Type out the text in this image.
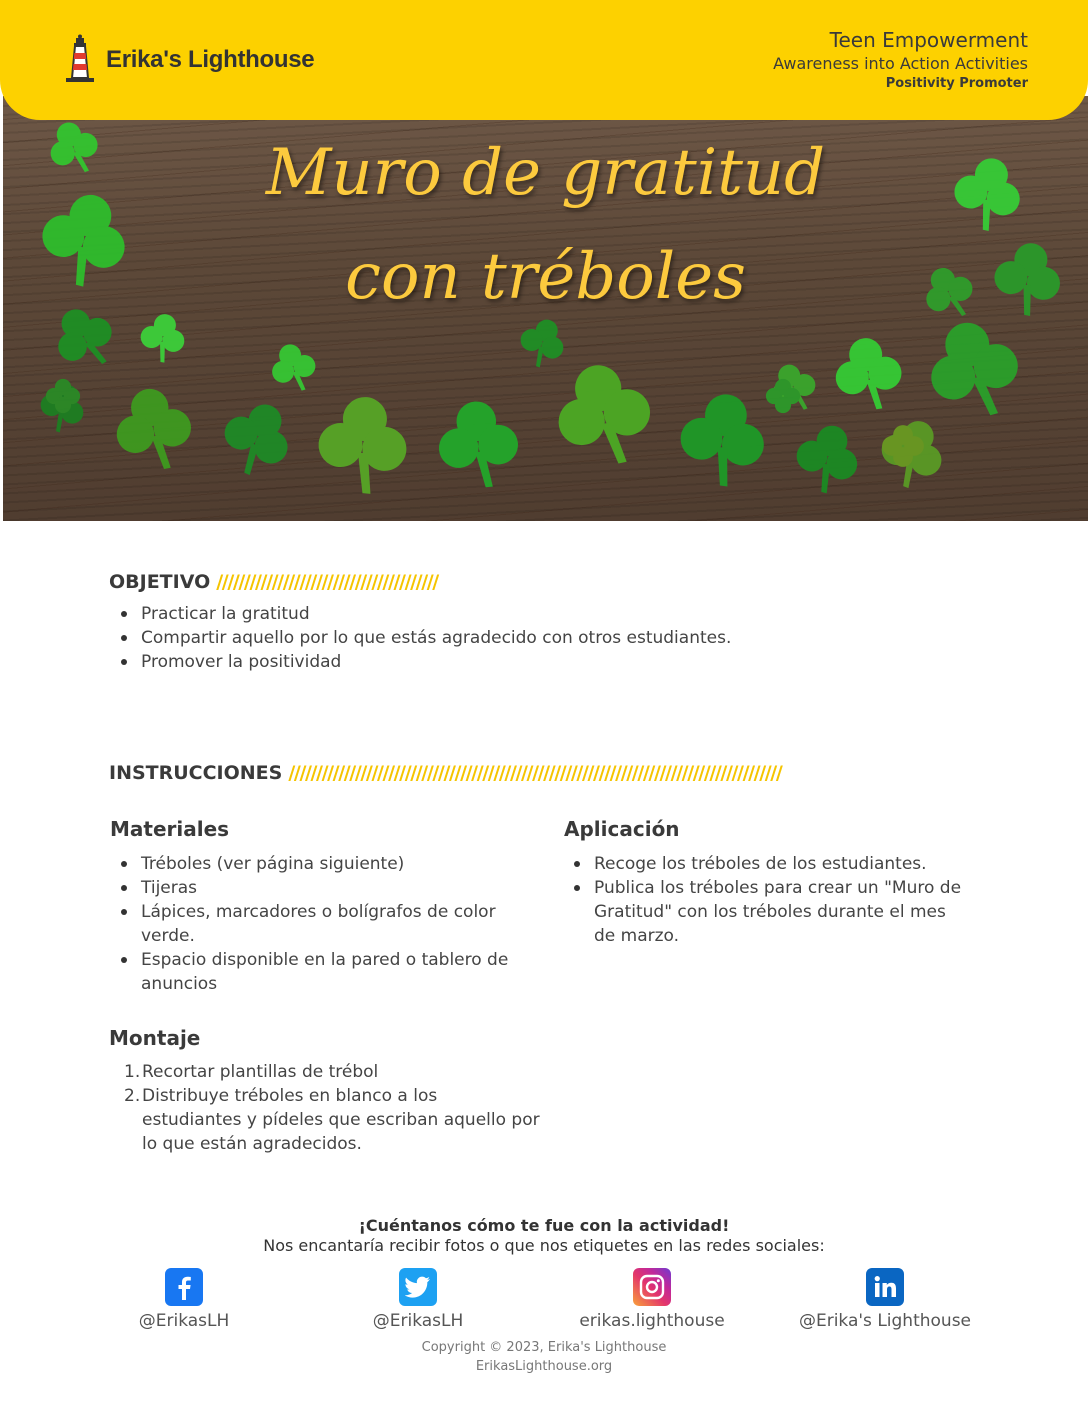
Erika's Lighthouse
Teen Empowerment
Awareness into Action Activities
Positivity Promoter
Muro de gratitud
con tréboles
OBJETIVO ////////////////////////////////////////
Practicar la gratitud
Compartir aquello por lo que estás agradecido con otros estudiantes.
Promover la positividad
INSTRUCCIONES /////////////////////////////////////////////////////////////////////////////////////////
Materiales
Tréboles (ver página siguiente)
Tijeras
Lápices, marcadores o bolígrafos de color verde.
Espacio disponible en la pared o tablero de anuncios
Aplicación
Recoge los tréboles de los estudiantes.
Publica los tréboles para crear un "Muro de Gratitud" con los tréboles durante el mes de marzo.
Montaje
1. Recortar plantillas de trébol
2. Distribuye tréboles en blanco a los estudiantes y pídeles que escriban aquello por lo que están agradecidos.
¡Cuéntanos cómo te fue con la actividad!
Nos encantaría recibir fotos o que nos etiquetes en las redes sociales:
@ErikasLH	@ErikasLH	erikas.lighthouse	@Erika's Lighthouse
Copyright © 2023, Erika's Lighthouse
ErikasLighthouse.org
